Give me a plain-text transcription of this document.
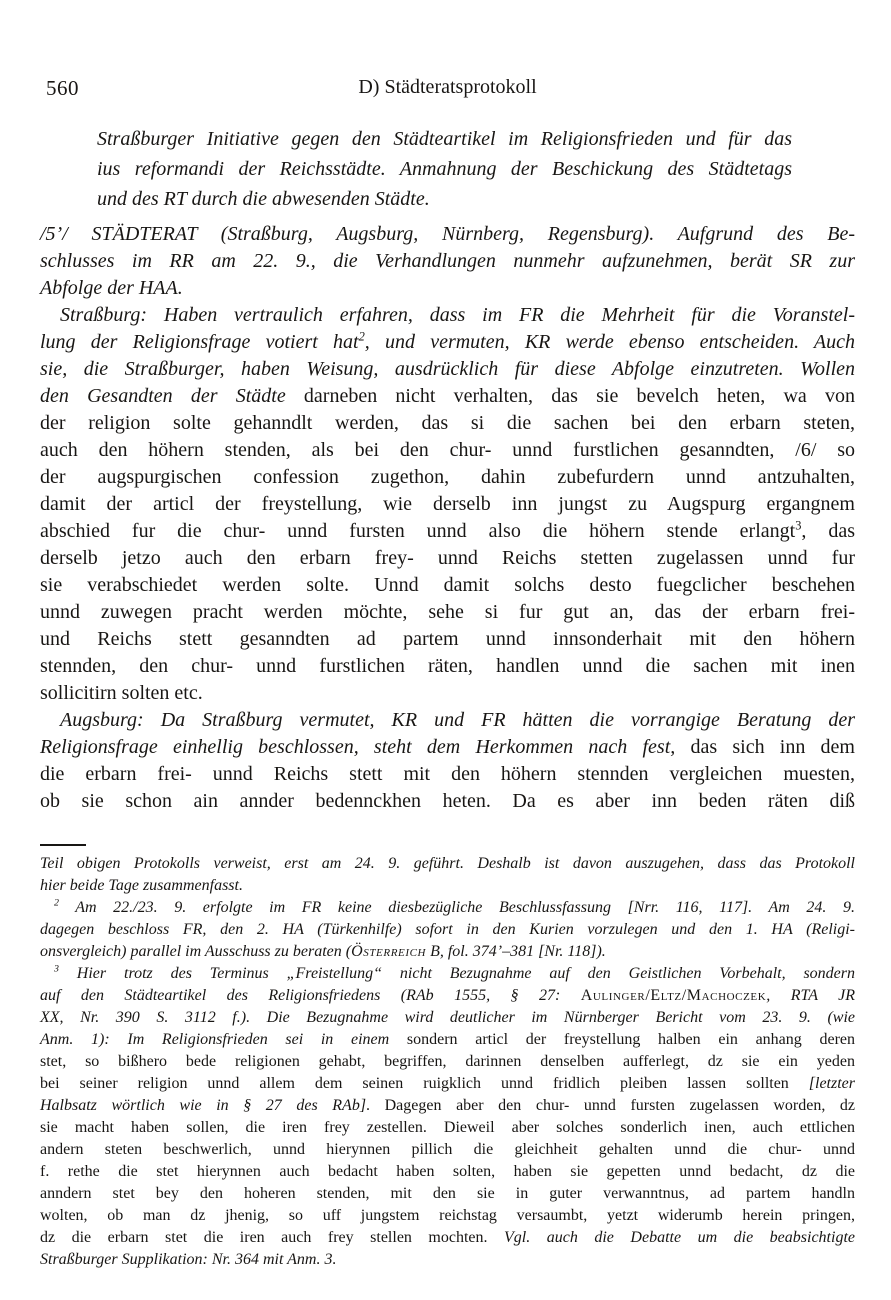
560	D) Städteratsprotokoll
Straßburger Initiative gegen den Städteartikel im Religionsfrieden und für das
ius reformandi der Reichsstädte. Anmahnung der Beschickung des Städtetags
und des RT durch die abwesenden Städte.
/5’/ STÄDTERAT (Straßburg, Augsburg, Nürnberg, Regensburg). Aufgrund des Be-
schlusses im RR am 22. 9., die Verhandlungen nunmehr aufzunehmen, berät SR zur
Abfolge der HAA.
Straßburg: Haben vertraulich erfahren, dass im FR die Mehrheit für die Voranstel-
lung der Religionsfrage votiert hat$^2$, und vermuten, KR werde ebenso entscheiden. Auch
sie, die Straßburger, haben Weisung, ausdrücklich für diese Abfolge einzutreten. Wollen
den Gesandten der Städte darneben nicht verhalten, das sie bevelch heten, wa von
der religion solte gehanndlt werden, das si die sachen bei den erbarn steten,
auch den höhern stenden, als bei den chur- unnd furstlichen gesanndten, /6/ so
der augspurgischen confession zugethon, dahin zubefurdern unnd antzuhalten,
damit der articl der freystellung, wie derselb inn jungst zu Augspurg ergangnem
abschied fur die chur- unnd fursten unnd also die höhern stende erlangt$^3$, das
derselb jetzo auch den erbarn frey- unnd Reichs stetten zugelassen unnd fur
sie verabschiedet werden solte. Unnd damit solchs desto fuegclicher beschehen
unnd zuwegen pracht werden möchte, sehe si fur gut an, das der erbarn frei-
und Reichs stett gesanndten ad partem unnd innsonderhait mit den höhern
stennden, den chur- unnd furstlichen räten, handlen unnd die sachen mit inen
sollicitirn solten etc.
Augsburg: Da Straßburg vermutet, KR und FR hätten die vorrangige Beratung der
Religionsfrage einhellig beschlossen, steht dem Herkommen nach fest, das sich inn dem
die erbarn frei- unnd Reichs stett mit den höhern stennden vergleichen muesten,
ob sie schon ain annder bedennckhen heten. Da es aber inn beden räten diß
Teil obigen Protokolls verweist, erst am 24. 9. geführt. Deshalb ist davon auszugehen, dass das Protokoll
hier beide Tage zusammenfasst.
$^2$ Am 22./23. 9. erfolgte im FR keine diesbezügliche Beschlussfassung [Nrr. 116, 117]. Am 24. 9.
dagegen beschloss FR, den 2. HA (Türkenhilfe) sofort in den Kurien vorzulegen und den 1. HA (Religi-
onsvergleich) parallel im Ausschuss zu beraten (Österreich B, fol. 374’–381 [Nr. 118]).
$^3$ Hier trotz des Terminus „Freistellung“ nicht Bezugnahme auf den Geistlichen Vorbehalt, sondern
auf den Städteartikel des Religionsfriedens (RAb 1555, § 27: Aulinger/Eltz/Machoczek, RTA JR
XX, Nr. 390 S. 3112 f.). Die Bezugnahme wird deutlicher im Nürnberger Bericht vom 23. 9. (wie
Anm. 1): Im Religionsfrieden sei in einem sondern articl der freystellung halben ein anhang deren
stet, so bißhero bede religionen gehabt, begriffen, darinnen denselben aufferlegt, dz sie ein yeden
bei seiner religion unnd allem dem seinen ruigklich unnd fridlich pleiben lassen sollten [letzter
Halbsatz wörtlich wie in § 27 des RAb]. Dagegen aber den chur- unnd fursten zugelassen worden, dz
sie macht haben sollen, die iren frey zestellen. Dieweil aber solches sonderlich inen, auch ettlichen
andern steten beschwerlich, unnd hierynnen pillich die gleichheit gehalten unnd die chur- unnd
f. rethe die stet hierynnen auch bedacht haben solten, haben sie gepetten unnd bedacht, dz die
anndern stet bey den hoheren stenden, mit den sie in guter verwanntnus, ad partem handln
wolten, ob man dz jhenig, so uff jungstem reichstag versaumbt, yetzt widerumb herein pringen,
dz die erbarn stet die iren auch frey stellen mochten. Vgl. auch die Debatte um die beabsichtigte
Straßburger Supplikation: Nr. 364 mit Anm. 3.
